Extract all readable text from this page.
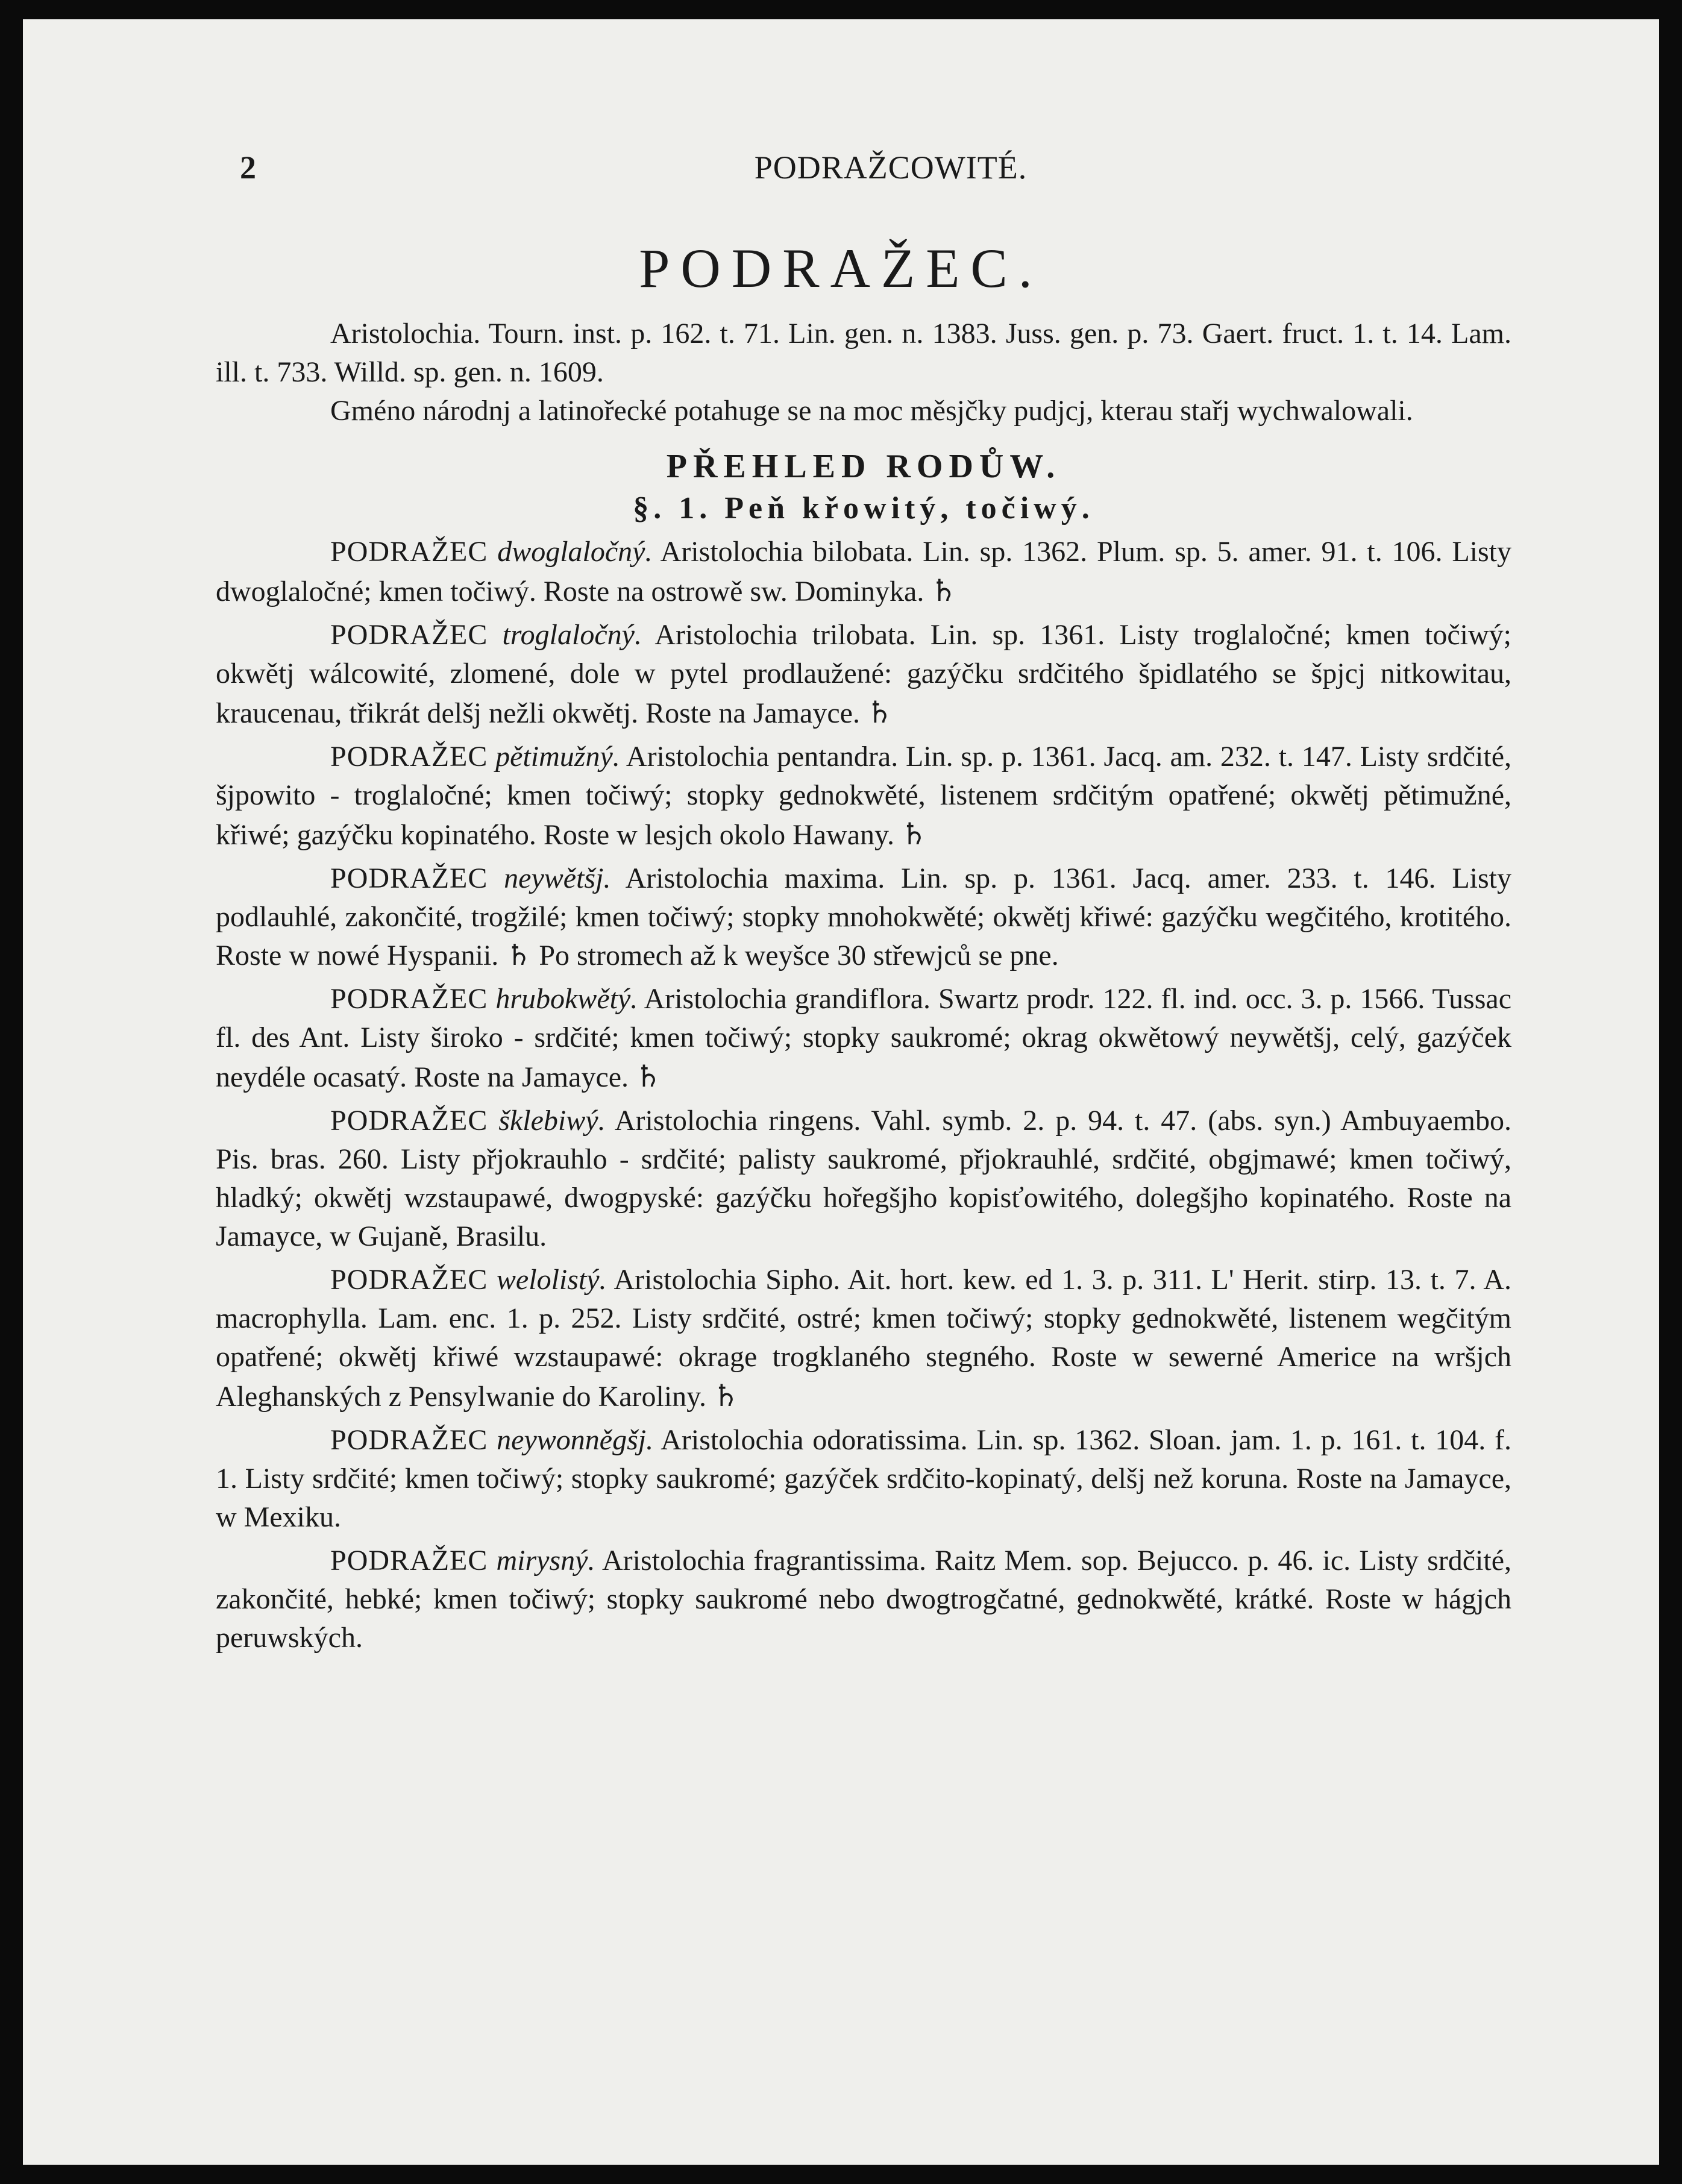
2	PODRAŽCOWITÉ.
PODRAŽEC.

Aristolochia. Tourn. inst. p. 162. t. 71. Lin. gen. n. 1383. Juss. gen. p. 73. Gaert. fruct. 1. t. 14. Lam. ill. t. 733. Willd. sp. gen. n. 1609.

Gméno národnj a latinořecké potahuge se na moc měsjčky pudjcj, kterau stařj wychwalowali.

PŘEHLED RODŮW.
§. 1. Peň křowitý, točiwý.

PODRAŽEC dwoglaločný. Aristolochia bilobata. Lin. sp. 1362. Plum. sp. 5. amer. 91. t. 106. Listy dwoglaločné; kmen točiwý. Roste na ostrowě sw. Dominyka. ♄

PODRAŽEC troglaločný. Aristolochia trilobata. Lin. sp. 1361. Listy troglaločné; kmen točiwý; okwětj wálcowité, zlomené, dole w pytel prodlaužené: gazýčku srdčitého špidlatého se špjcj nitkowitau, kraucenau, třikrát delšj nežli okwětj. Roste na Jamayce. ♄

PODRAŽEC pětimužný. Aristolochia pentandra. Lin. sp. p. 1361. Jacq. am. 232. t. 147. Listy srdčité, šjpowito - troglaločné; kmen točiwý; stopky gednokwěté, listenem srdčitým opatřené; okwětj pětimužné, křiwé; gazýčku kopinatého. Roste w lesjch okolo Hawany. ♄

PODRAŽEC neywětšj. Aristolochia maxima. Lin. sp. p. 1361. Jacq. amer. 233. t. 146. Listy podlauhlé, zakončité, trogžilé; kmen točiwý; stopky mnohokwěté; okwětj křiwé: gazýčku wegčitého, krotitého. Roste w nowé Hyspanii. ♄ Po stromech až k weyšce 30 střewjců se pne.

PODRAŽEC hrubokwětý. Aristolochia grandiflora. Swartz prodr. 122. fl. ind. occ. 3. p. 1566. Tussac fl. des Ant. Listy široko - srdčité; kmen točiwý; stopky saukromé; okrag okwětowý neywětšj, celý, gazýček neydéle ocasatý. Roste na Jamayce. ♄

PODRAŽEC šklebiwý. Aristolochia ringens. Vahl. symb. 2. p. 94. t. 47. (abs. syn.) Ambuyaembo. Pis. bras. 260. Listy přjokrauhlo - srdčité; palisty saukromé, přjokrauhlé, srdčité, obgjmawé; kmen točiwý, hladký; okwětj wzstaupawé, dwogpyské: gazýčku hořegšjho kopisťowitého, dolegšjho kopinatého. Roste na Jamayce, w Gujaně, Brasilu.

PODRAŽEC welolistý. Aristolochia Sipho. Ait. hort. kew. ed 1. 3. p. 311. L' Herit. stirp. 13. t. 7. A. macrophylla. Lam. enc. 1. p. 252. Listy srdčité, ostré; kmen točiwý; stopky gednokwěté, listenem wegčitým opatřené; okwětj křiwé wzstaupawé: okrage trogklaného stegného. Roste w sewerné Americe na wršjch Aleghanských z Pensylwanie do Karoliny. ♄

PODRAŽEC neywonněgšj. Aristolochia odoratissima. Lin. sp. 1362. Sloan. jam. 1. p. 161. t. 104. f. 1. Listy srdčité; kmen točiwý; stopky saukromé; gazýček srdčito-kopinatý, delšj než koruna. Roste na Jamayce, w Mexiku.

PODRAŽEC mirysný. Aristolochia fragrantissima. Raitz Mem. sop. Bejucco. p. 46. ic. Listy srdčité, zakončité, hebké; kmen točiwý; stopky saukromé nebo dwogtrogčatné, gednokwěté, krátké. Roste w hágjch peruwských.
